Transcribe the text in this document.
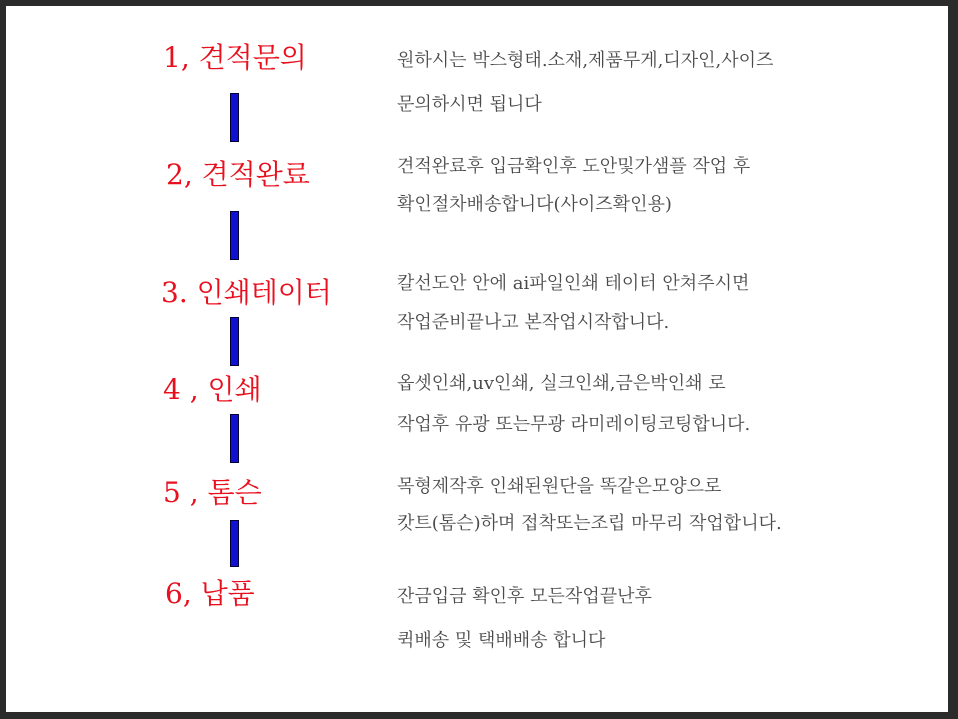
1, 견적문의	원하시는 박스형태.소재,제품무게,디자인,사이즈
문의하시면 됩니다
2, 견적완료	견적완료후 입금확인후 도안및가샘플 작업 후
확인절차배송합니다(사이즈확인용)
3. 인쇄테이터	칼선도안 안에 ai파일인쇄 테이터 안쳐주시면
작업준비끝나고 본작업시작합니다.
4 , 인쇄	옵셋인쇄,uv인쇄, 실크인쇄,금은박인쇄 로
작업후 유광 또는무광 라미레이팅코팅합니다.
5 , 톰슨	목형제작후 인쇄된원단을 똑같은모양으로
캇트(톰슨)하며 접착또는조립 마무리 작업합니다.
6, 납품	잔금입금 확인후 모든작업끝난후
퀵배송 및 택배배송 합니다
